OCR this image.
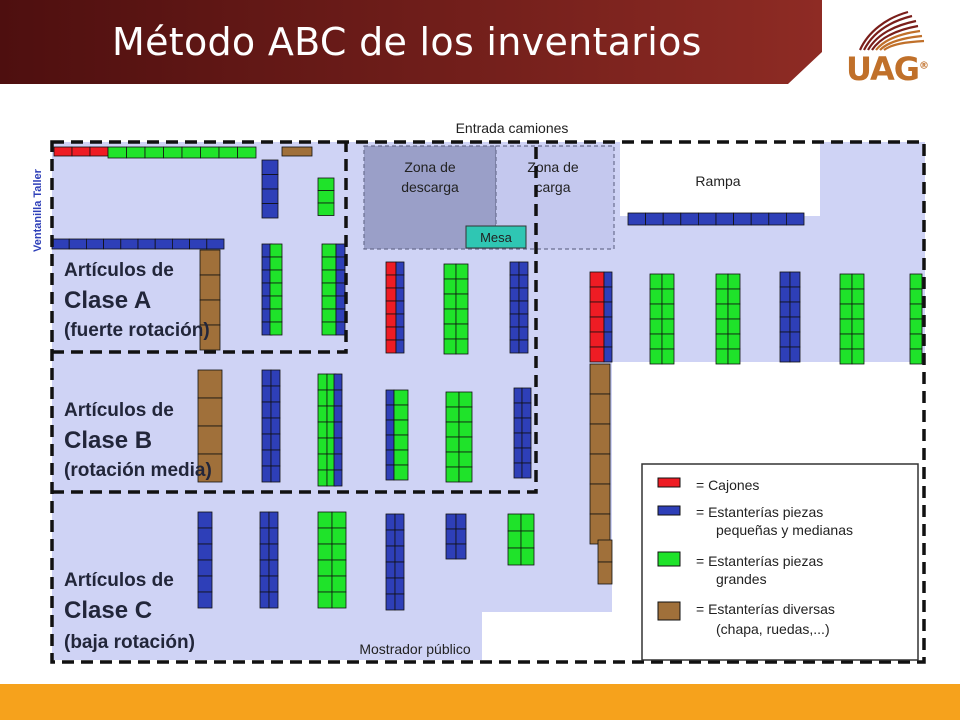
Método ABC de los inventarios
UAG®
Zona de
descarga
Zona de
carga
Mesa
Rampa
Entrada camiones
Mostrador público
Ventanilla Taller
Artículos de
Clase A
(fuerte rotación)
Artículos de
Clase B
(rotación media)
Artículos de
Clase C
(baja rotación)
= Cajones
= Estanterías piezas
pequeñas y medianas
= Estanterías piezas
grandes
= Estanterías diversas
(chapa, ruedas,...)
